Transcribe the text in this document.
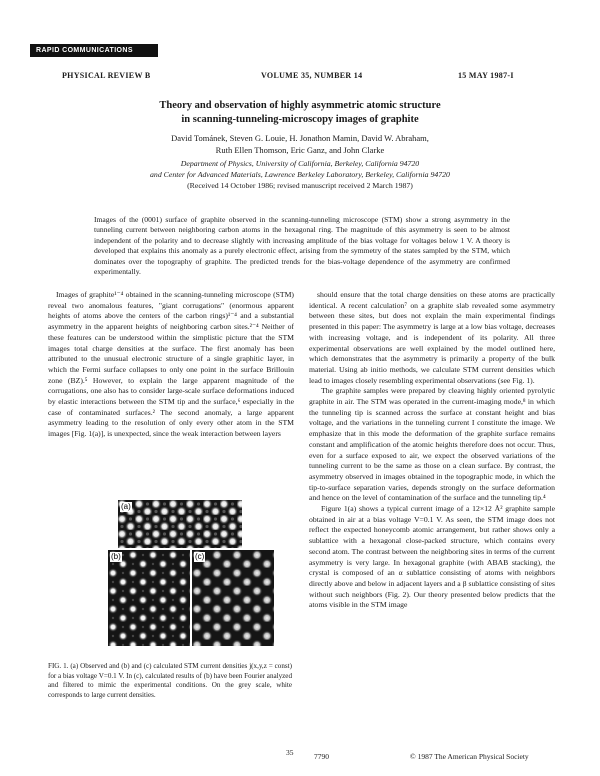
RAPID COMMUNICATIONS
PHYSICAL REVIEW B	VOLUME 35, NUMBER 14	15 MAY 1987-I
Theory and observation of highly asymmetric atomic structure
in scanning-tunneling-microscopy images of graphite
David Tománek, Steven G. Louie, H. Jonathon Mamin, David W. Abraham,
Ruth Ellen Thomson, Eric Ganz, and John Clarke
Department of Physics, University of California, Berkeley, California 94720
and Center for Advanced Materials, Lawrence Berkeley Laboratory, Berkeley, California 94720
(Received 14 October 1986; revised manuscript received 2 March 1987)
Images of the (0001) surface of graphite observed in the scanning-tunneling microscope (STM) show a strong asymmetry in the tunneling current between neighboring carbon atoms in the hexagonal ring. The magnitude of this asymmetry is seen to be almost independent of the polarity and to decrease slightly with increasing amplitude of the bias voltage for voltages below 1 V. A theory is developed that explains this anomaly as a purely electronic effect, arising from the symmetry of the states sampled by the STM, which dominates over the topography of graphite. The predicted trends for the bias-voltage dependence of the asymmetry are confirmed experimentally.

Images of graphite¹⁻⁴ obtained in the scanning-tunneling microscope (STM) reveal two anomalous features, "giant corrugations" (enormous apparent heights of atoms above the centers of the carbon rings)¹⁻⁴ and a substantial asymmetry in the apparent heights of neighboring carbon sites.²⁻⁴ Neither of these features can be understood within the simplistic picture that the STM images total charge densities at the surface. The first anomaly has been attributed to the unusual electronic structure of a single graphitic layer, in which the Fermi surface collapses to only one point in the surface Brillouin zone (BZ).⁵ However, to explain the large apparent magnitude of the corrugations, one also has to consider large-scale surface deformations induced by elastic interactions between the STM tip and the surface,⁶ especially in the case of contaminated surfaces.² The second anomaly, a large apparent asymmetry leading to the resolution of only every other atom in the STM images [Fig. 1(a)], is unexpected, since the weak interaction between layers

should ensure that the total charge densities on these atoms are practically identical. A recent calculation⁷ on a graphite slab revealed some asymmetry between these sites, but does not explain the main experimental findings presented in this paper: The asymmetry is large at a low bias voltage, decreases with increasing voltage, and is independent of its polarity. All three experimental observations are well explained by the model outlined here, which demonstrates that the asymmetry is primarily a property of the bulk material. Using ab initio methods, we calculate STM current densities which lead to images closely resembling experimental observations (see Fig. 1).

The graphite samples were prepared by cleaving highly oriented pyrolytic graphite in air. The STM was operated in the current-imaging mode,⁸ in which the tunneling tip is scanned across the surface at constant height and bias voltage, and the variations in the tunneling current I constitute the image. We emphasize that in this mode the deformation of the graphite surface remains constant and amplification of the atomic heights therefore does not occur. Thus, even for a surface exposed to air, we expect the observed variations of the tunneling current to be the same as those on a clean surface. By contrast, the asymmetry observed in images obtained in the topographic mode, in which the tip-to-surface separation varies, depends strongly on the surface deformation and hence on the level of contamination of the surface and the tunneling tip.⁴

Figure 1(a) shows a typical current image of a 12×12 Å² graphite sample obtained in air at a bias voltage V=0.1 V. As seen, the STM image does not reflect the expected honeycomb atomic arrangement, but rather shows only a sublattice with a hexagonal close-packed structure, which contains every second atom. The contrast between the neighboring sites in terms of the current asymmetry is very large. In hexagonal graphite (with ABAB stacking), the crystal is composed of an α sublattice consisting of atoms with neighbors directly above and below in adjacent layers and a β sublattice consisting of sites without such neighbors (Fig. 2). Our theory presented below predicts that the atoms visible in the STM image

(a)
(b)	(c)
FIG. 1. (a) Observed and (b) and (c) calculated STM current densities j(x,y,z = const) for a bias voltage V=0.1 V. In (c), calculated results of (b) have been Fourier analyzed and filtered to mimic the experimental conditions. On the grey scale, white corresponds to large current densities.
35	7790	© 1987 The American Physical Society
